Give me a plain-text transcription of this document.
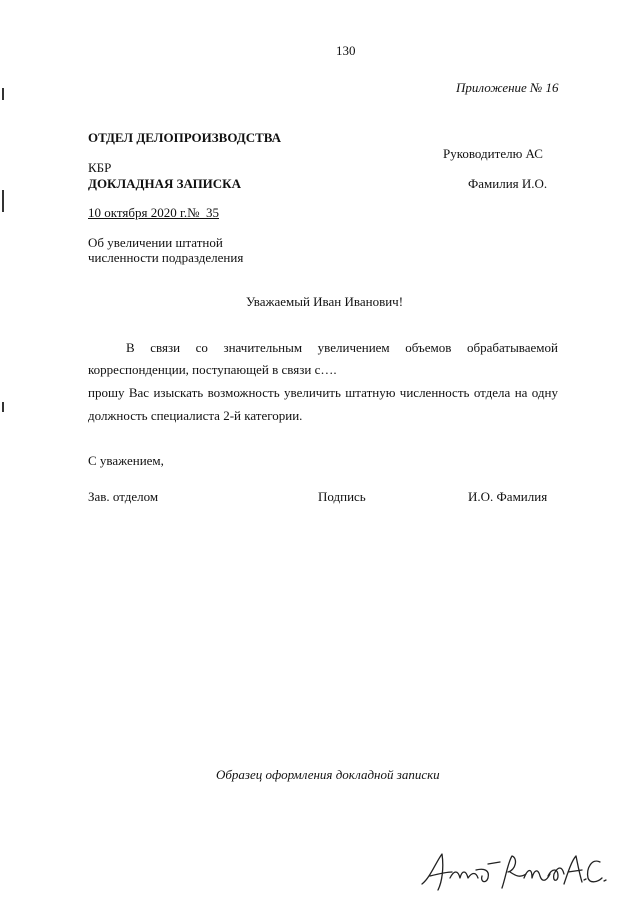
130
Приложение № 16
ОТДЕЛ ДЕЛОПРОИЗВОДСТВА
Руководителю АС
КБР
ДОКЛАДНАЯ ЗАПИСКА	Фамилия И.О.
10 октября 2020 г.№ 35
Об увеличении штатной
численности подразделения
Уважаемый Иван Иванович!
В связи со значительным увеличением объемов обрабатываемой
корреспонденции, поступающей в связи с….
прошу Вас изыскать возможность увеличить штатную численность отдела на одну
должность специалиста 2-й категории.
С уважением,
Зав. отделом	Подпись	И.О. Фамилия
Образец оформления докладной записки
